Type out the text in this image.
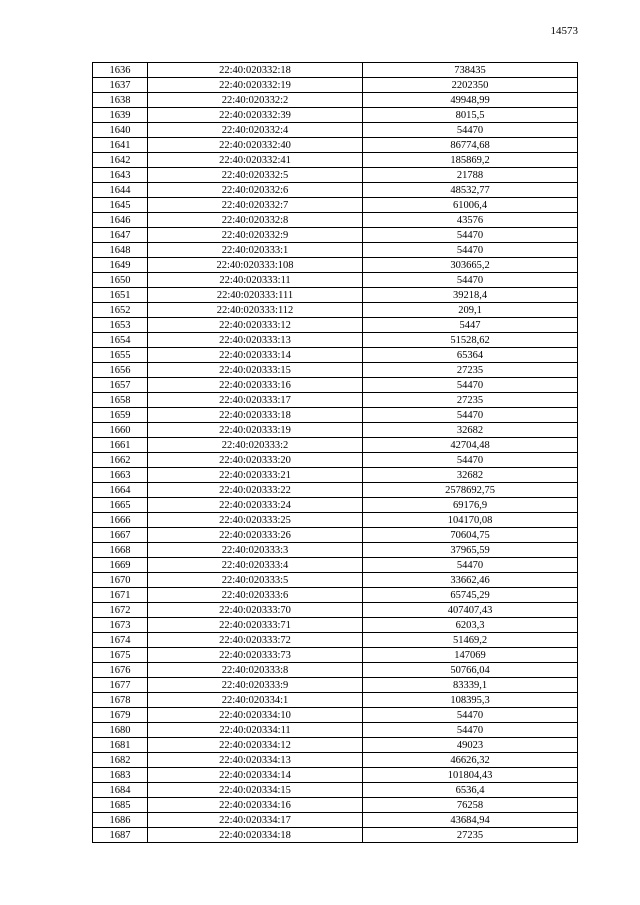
14573
1636	22:40:020332:18	738435
1637	22:40:020332:19	2202350
1638	22:40:020332:2	49948,99
1639	22:40:020332:39	8015,5
1640	22:40:020332:4	54470
1641	22:40:020332:40	86774,68
1642	22:40:020332:41	185869,2
1643	22:40:020332:5	21788
1644	22:40:020332:6	48532,77
1645	22:40:020332:7	61006,4
1646	22:40:020332:8	43576
1647	22:40:020332:9	54470
1648	22:40:020333:1	54470
1649	22:40:020333:108	303665,2
1650	22:40:020333:11	54470
1651	22:40:020333:111	39218,4
1652	22:40:020333:112	209,1
1653	22:40:020333:12	5447
1654	22:40:020333:13	51528,62
1655	22:40:020333:14	65364
1656	22:40:020333:15	27235
1657	22:40:020333:16	54470
1658	22:40:020333:17	27235
1659	22:40:020333:18	54470
1660	22:40:020333:19	32682
1661	22:40:020333:2	42704,48
1662	22:40:020333:20	54470
1663	22:40:020333:21	32682
1664	22:40:020333:22	2578692,75
1665	22:40:020333:24	69176,9
1666	22:40:020333:25	104170,08
1667	22:40:020333:26	70604,75
1668	22:40:020333:3	37965,59
1669	22:40:020333:4	54470
1670	22:40:020333:5	33662,46
1671	22:40:020333:6	65745,29
1672	22:40:020333:70	407407,43
1673	22:40:020333:71	6203,3
1674	22:40:020333:72	51469,2
1675	22:40:020333:73	147069
1676	22:40:020333:8	50766,04
1677	22:40:020333:9	83339,1
1678	22:40:020334:1	108395,3
1679	22:40:020334:10	54470
1680	22:40:020334:11	54470
1681	22:40:020334:12	49023
1682	22:40:020334:13	46626,32
1683	22:40:020334:14	101804,43
1684	22:40:020334:15	6536,4
1685	22:40:020334:16	76258
1686	22:40:020334:17	43684,94
1687	22:40:020334:18	27235
